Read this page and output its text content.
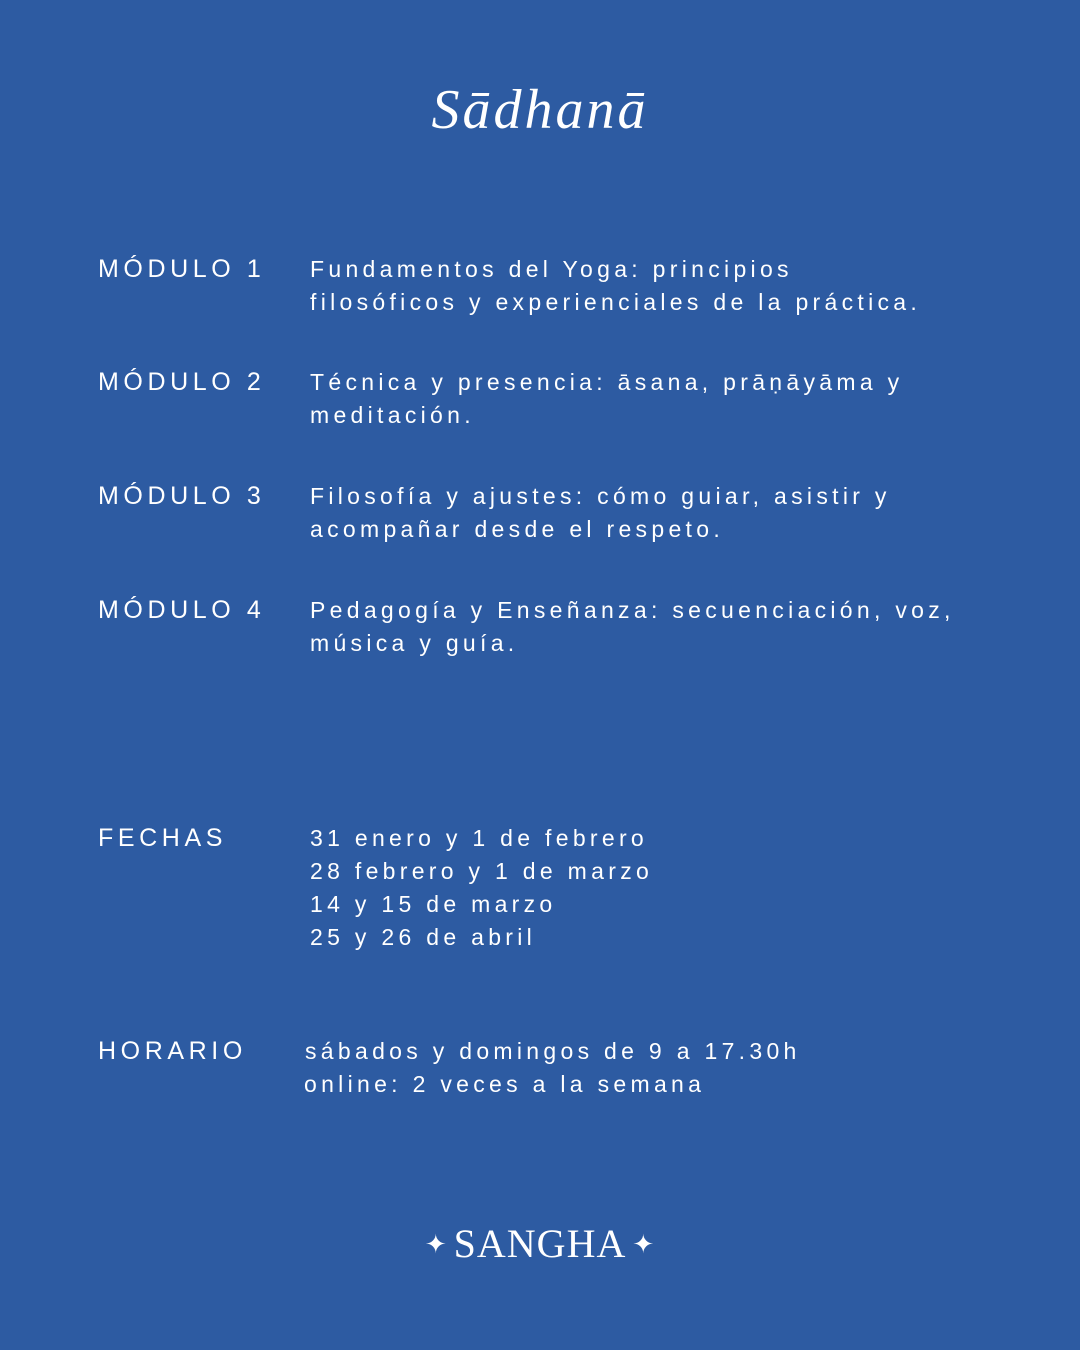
Sādhanā
MÓDULO 1 Fundamentos del Yoga: principios
filosóficos y experienciales de la práctica.
MÓDULO 2 Técnica y presencia: āsana, prāṇāyāma y
meditación.
MÓDULO 3 Filosofía y ajustes: cómo guiar, asistir y
acompañar desde el respeto.
MÓDULO 4 Pedagogía y Enseñanza: secuenciación, voz,
música y guía.
FECHAS	31 enero y 1 de febrero
28 febrero y 1 de marzo
14 y 15 de marzo
25 y 26 de abril
HORARIO	sábados y domingos de 9 a 17.30h
online: 2 veces a la semana
✦ SANGHA ✦
